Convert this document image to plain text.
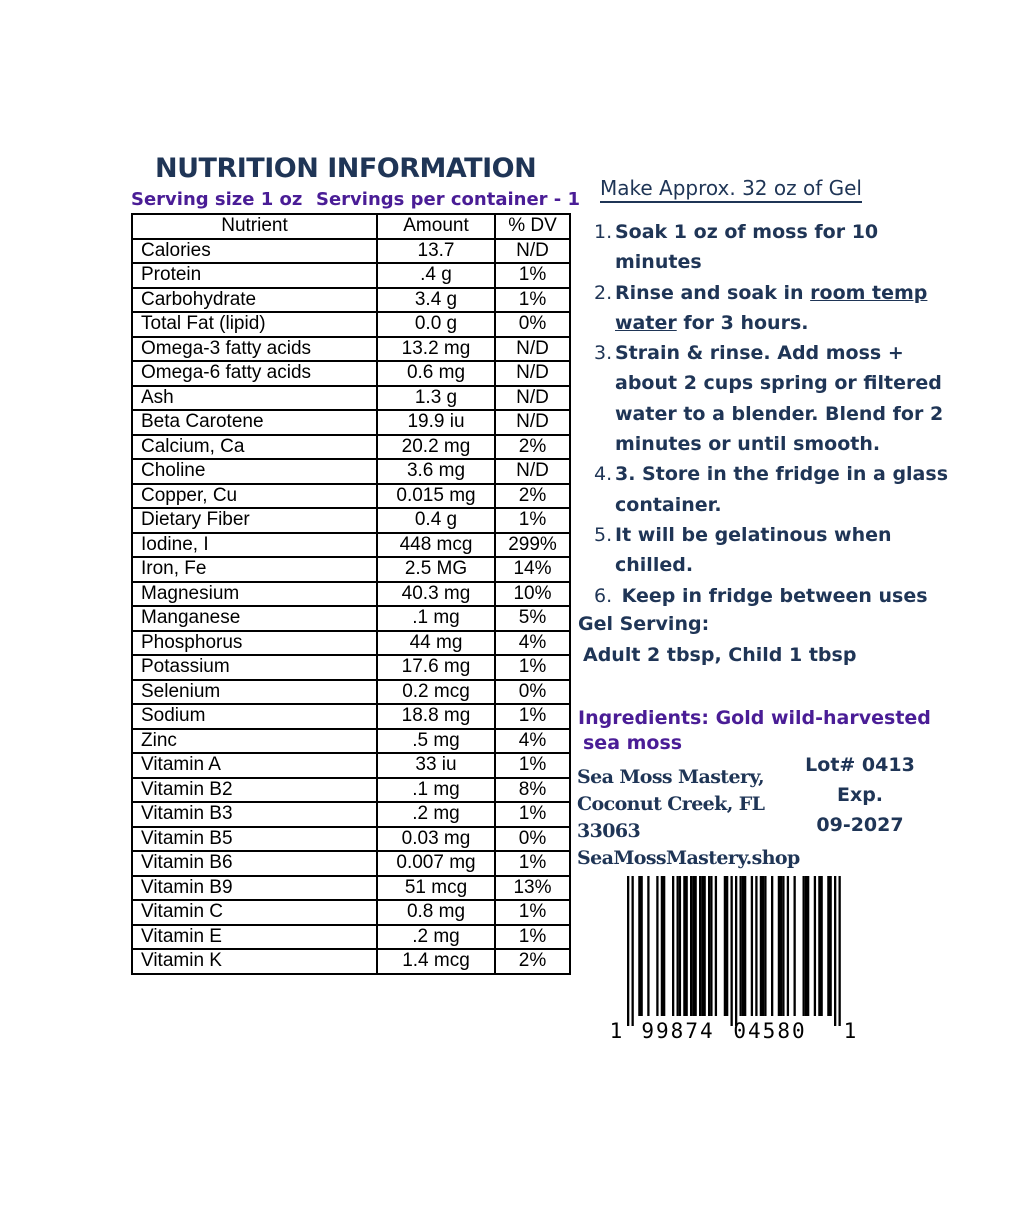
NUTRITION INFORMATION
Serving size 1 oz Servings per container - 1
Nutrient	Amount	% DV
Calories	13.7	N/D
Protein	.4 g	1%
Carbohydrate	3.4 g	1%
Total Fat (lipid)	0.0 g	0%
Omega-3 fatty acids	13.2 mg	N/D
Omega-6 fatty acids	0.6 mg	N/D
Ash	1.3 g	N/D
Beta Carotene	19.9 iu	N/D
Calcium, Ca	20.2 mg	2%
Choline	3.6 mg	N/D
Copper, Cu	0.015 mg	2%
Dietary Fiber	0.4 g	1%
Iodine, I	448 mcg	299%
Iron, Fe	2.5 MG	14%
Magnesium	40.3 mg	10%
Manganese	.1 mg	5%
Phosphorus	44 mg	4%
Potassium	17.6 mg	1%
Selenium	0.2 mcg	0%
Sodium	18.8 mg	1%
Zinc	.5 mg	4%
Vitamin A	33 iu	1%
Vitamin B2	.1 mg	8%
Vitamin B3	.2 mg	1%
Vitamin B5	0.03 mg	0%
Vitamin B6	0.007 mg	1%
Vitamin B9	51 mcg	13%
Vitamin C	0.8 mg	1%
Vitamin E	.2 mg	1%
Vitamin K	1.4 mcg	2%
Make Approx. 32 oz of Gel
1. Soak 1 oz of moss for 10 minutes
2. Rinse and soak in room temp water for 3 hours.
3. Strain & rinse. Add moss + about 2 cups spring or filtered water to a blender. Blend for 2 minutes or until smooth.
4. 3. Store in the fridge in a glass container.
5. It will be gelatinous when chilled.
6. Keep in fridge between uses
Gel Serving:
Adult 2 tbsp, Child 1 tbsp
Ingredients: Gold wild-harvested
sea moss
Sea Moss Mastery,
Coconut Creek, FL
33063
SeaMossMastery.shop
Lot# 0413
Exp.
09-2027
1 99874 04580 1
